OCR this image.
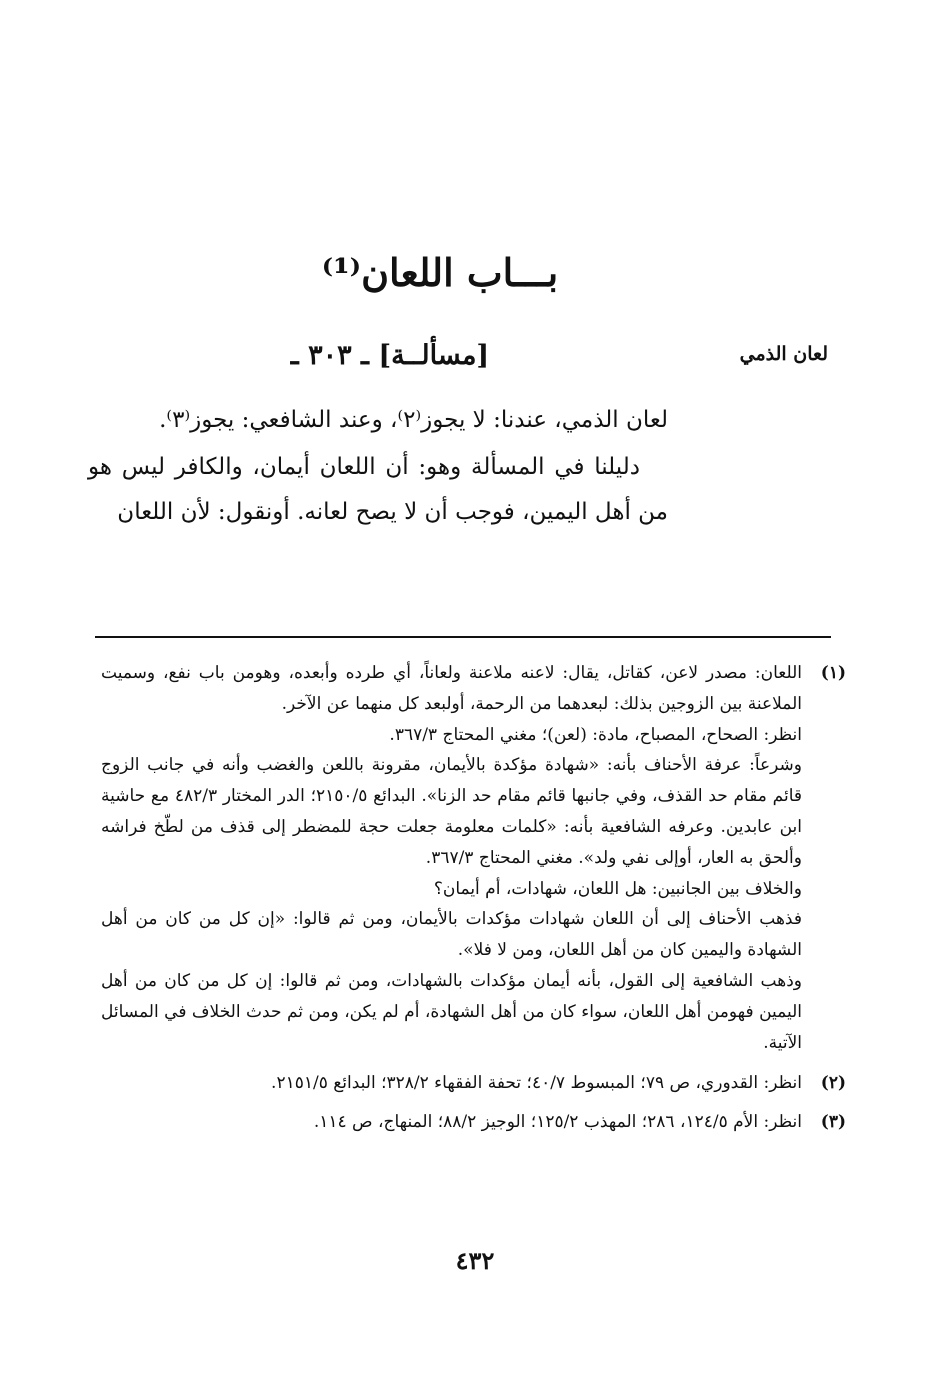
بـــاب اللعان⁽¹⁾
لعان الذمي
[مسألــة] ـ ٣٠٣ ـ

لعان الذمي، عندنا: لا يجوز⁽٢⁾، وعند الشافعي: يجوز⁽٣⁾.

دليلنا في المسألة وهو: أن اللعان أيمان، والكافر ليس هو من أهل اليمين، فوجب أن لا يصح لعانه. أونقول: لأن اللعان

(١)

اللعان: مصدر لاعن، كقاتل، يقال: لاعنه ملاعنة ولعاناً، أي طرده وأبعده، وهومن باب نفع، وسميت الملاعنة بين الزوجين بذلك: لبعدهما من الرحمة، أولبعد كل منهما عن الآخر.

انظر: الصحاح، المصباح، مادة: (لعن)؛ مغني المحتاج ٣٦٧/٣.

وشرعاً: عرفة الأحناف بأنه: «شهادة مؤكدة بالأيمان، مقرونة باللعن والغضب وأنه في جانب الزوج قائم مقام حد القذف، وفي جانبها قائم مقام حد الزنا». البدائع ٢١٥٠/٥؛ الدر المختار ٤٨٢/٣ مع حاشية ابن عابدين. وعرفه الشافعية بأنه: «كلمات معلومة جعلت حجة للمضطر إلى قذف من لطّخ فراشه وألحق به العار، أوإلى نفي ولد». مغني المحتاج ٣٦٧/٣.

والخلاف بين الجانبين: هل اللعان، شهادات، أم أيمان؟

فذهب الأحناف إلى أن اللعان شهادات مؤكدات بالأيمان، ومن ثم قالوا: «إن كل من كان من أهل الشهادة واليمين كان من أهل اللعان، ومن لا فلا».

وذهب الشافعية إلى القول، بأنه أيمان مؤكدات بالشهادات، ومن ثم قالوا: إن كل من كان من أهل اليمين فهومن أهل اللعان، سواء كان من أهل الشهادة، أم لم يكن، ومن ثم حدث الخلاف في المسائل الآتية.

(٢)

انظر: القدوري، ص ٧٩؛ المبسوط ٤٠/٧؛ تحفة الفقهاء ٣٢٨/٢؛ البدائع ٢١٥١/٥.

(٣)

انظر: الأم ١٢٤/٥، ٢٨٦؛ المهذب ١٢٥/٢؛ الوجيز ٨٨/٢؛ المنهاج، ص ١١٤.

٤٣٢
